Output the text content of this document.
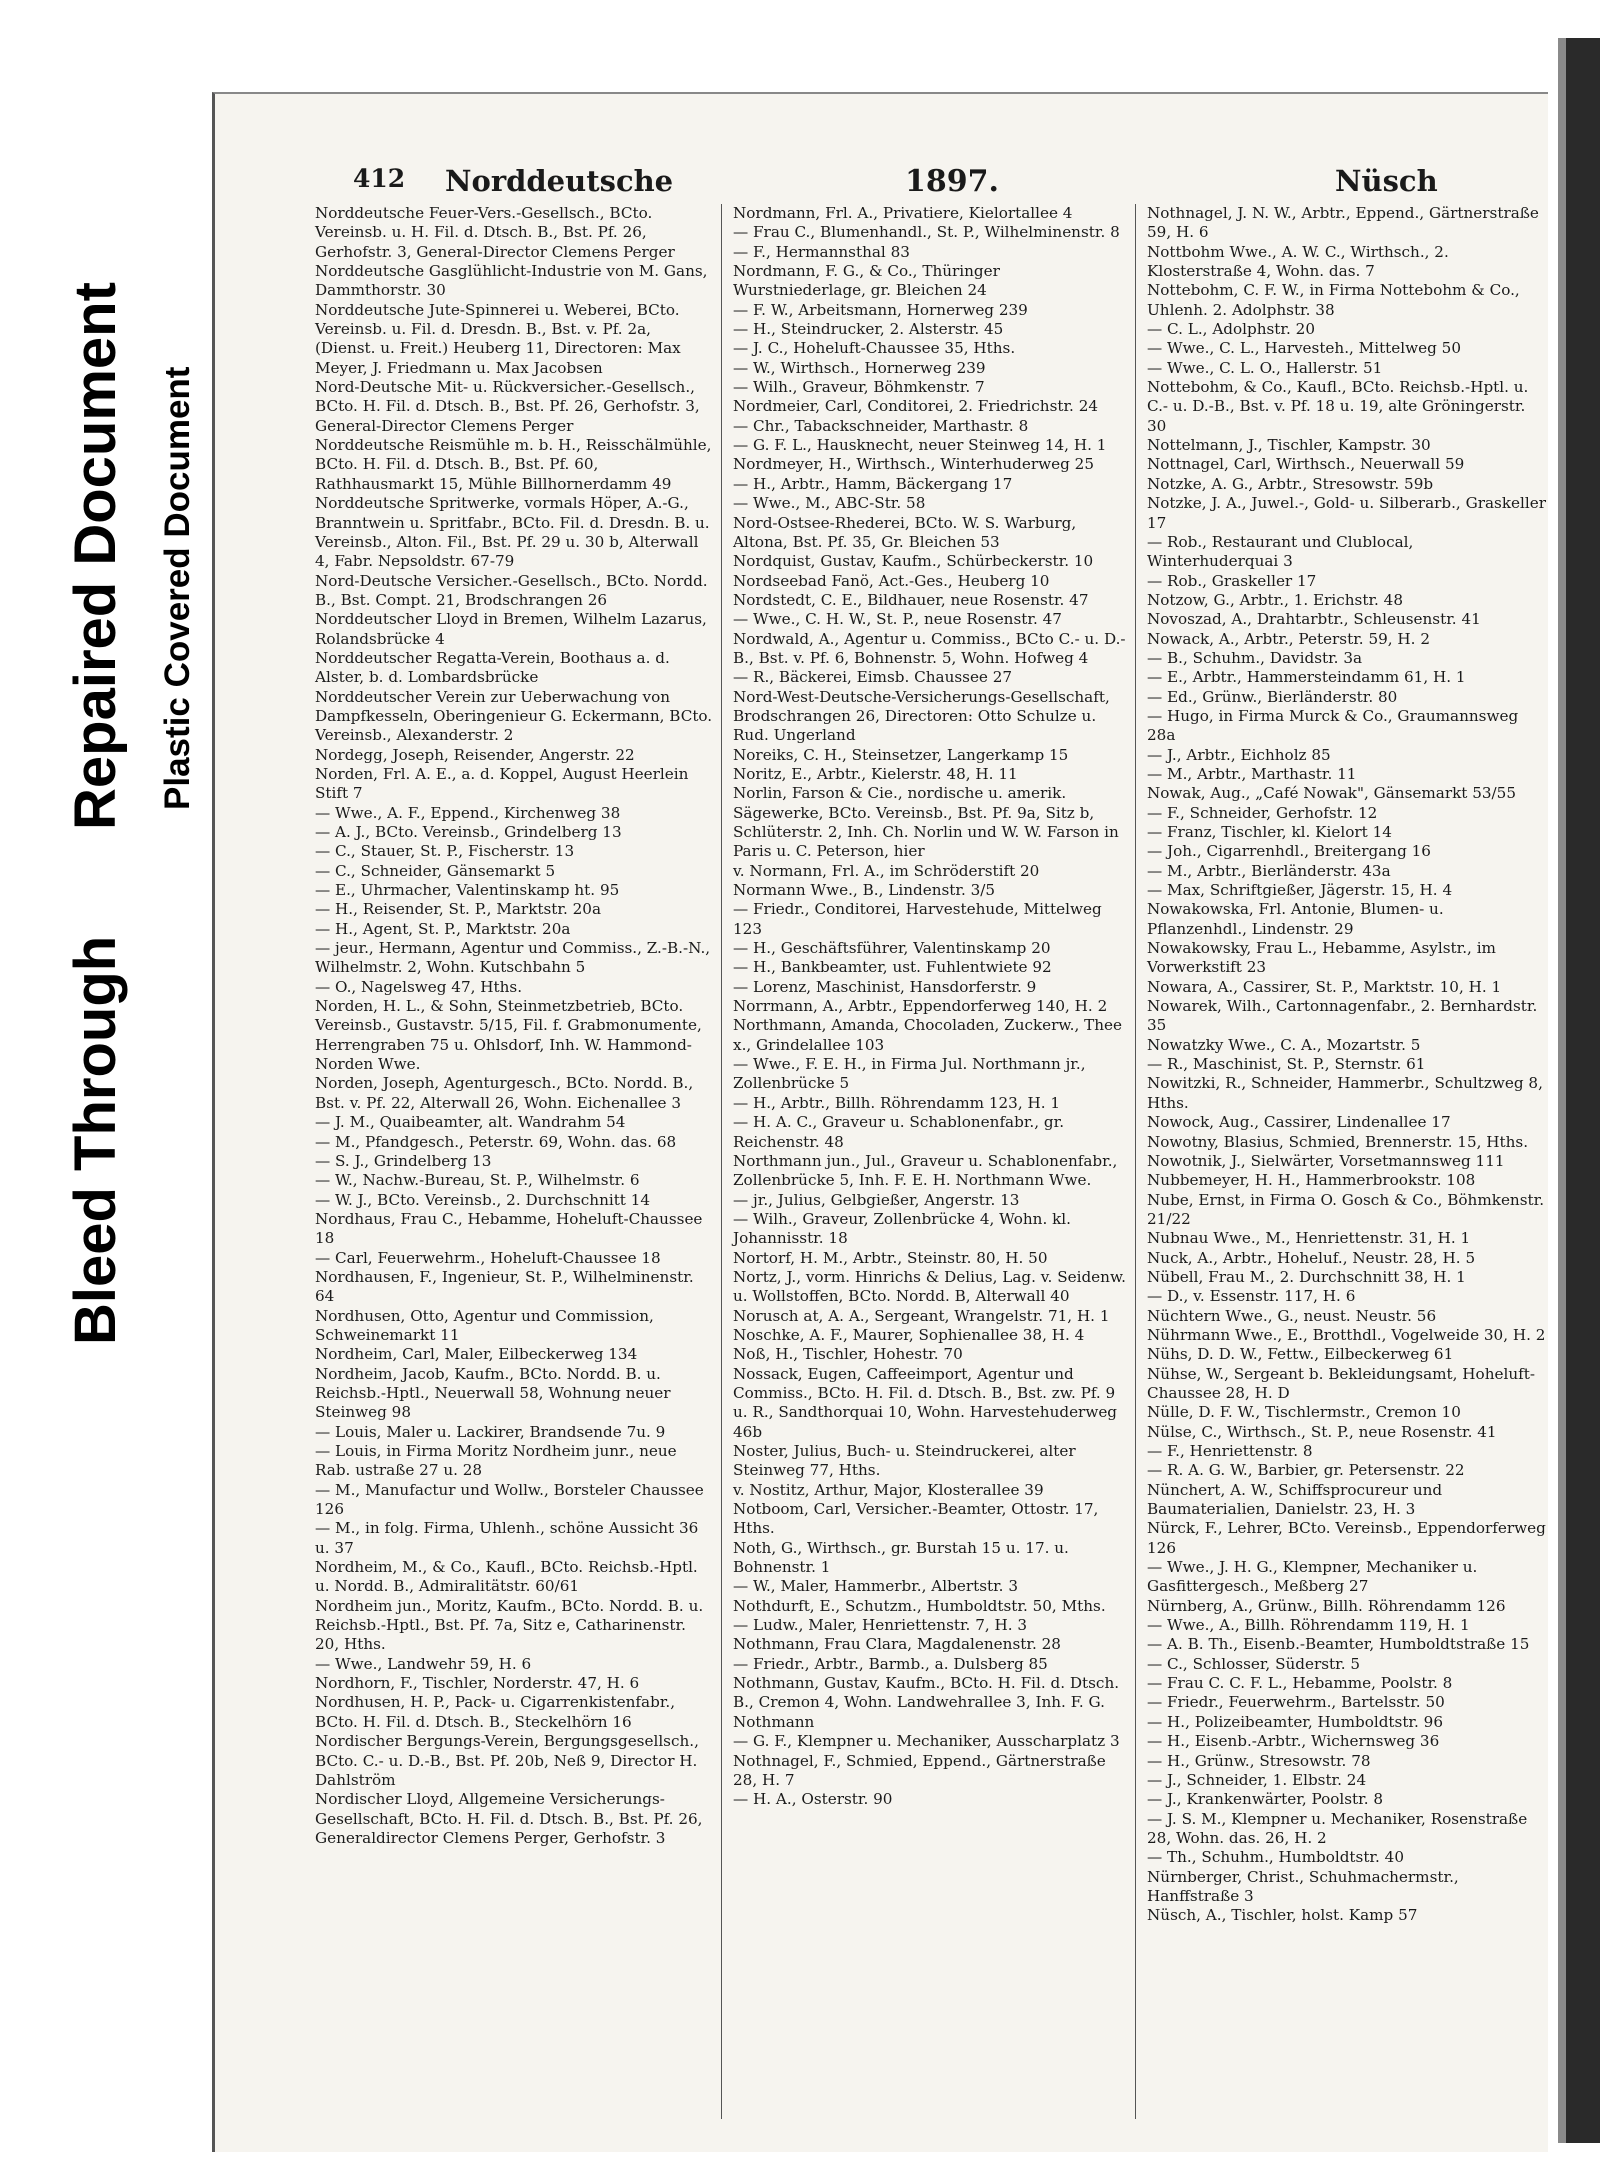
Bleed Through
Repaired Document Plastic Covered Document
412 Norddeutsche	1897.	Nüsch

Norddeutsche Feuer-Vers.-Gesellsch., BCto. Vereinsb. u. H. Fil. d. Dtsch. B., Bst. Pf. 26, Gerhofstr. 3, General-Director Clemens Perger

Norddeutsche Gasglühlicht-Industrie von M. Gans, Dammthorstr. 30

Norddeutsche Jute-Spinnerei u. Weberei, BCto. Vereinsb. u. Fil. d. Dresdn. B., Bst. v. Pf. 2a, (Dienst. u. Freit.) Heuberg 11, Directoren: Max Meyer, J. Friedmann u. Max Jacobsen

Nord-Deutsche Mit- u. Rückversicher.-Gesellsch., BCto. H. Fil. d. Dtsch. B., Bst. Pf. 26, Gerhofstr. 3, General-Director Clemens Perger

Norddeutsche Reismühle m. b. H., Reisschälmühle, BCto. H. Fil. d. Dtsch. B., Bst. Pf. 60, Rathhausmarkt 15, Mühle Billhornerdamm 49

Norddeutsche Spritwerke, vormals Höper, A.-G., Branntwein u. Spritfabr., BCto. Fil. d. Dresdn. B. u. Vereinsb., Alton. Fil., Bst. Pf. 29 u. 30 b, Alterwall 4, Fabr. Nepsoldstr. 67-79

Nord-Deutsche Versicher.-Gesellsch., BCto. Nordd. B., Bst. Compt. 21, Brodschrangen 26

Norddeutscher Lloyd in Bremen, Wilhelm Lazarus, Rolandsbrücke 4

Norddeutscher Regatta-Verein, Boothaus a. d. Alster, b. d. Lombardsbrücke

Norddeutscher Verein zur Ueberwachung von Dampfkesseln, Oberingenieur G. Eckermann, BCto. Vereinsb., Alexanderstr. 2

Nordegg, Joseph, Reisender, Angerstr. 22

Norden, Frl. A. E., a. d. Koppel, August Heerlein Stift 7

— Wwe., A. F., Eppend., Kirchenweg 38

— A. J., BCto. Vereinsb., Grindelberg 13

— C., Stauer, St. P., Fischerstr. 13

— C., Schneider, Gänsemarkt 5

— E., Uhrmacher, Valentinskamp ht. 95

— H., Reisender, St. P., Marktstr. 20a

— H., Agent, St. P., Marktstr. 20a

— jeur., Hermann, Agentur und Commiss., Z.-B.-N., Wilhelmstr. 2, Wohn. Kutschbahn 5

— O., Nagelsweg 47, Hths.

Norden, H. L., & Sohn, Steinmetzbetrieb, BCto. Vereinsb., Gustavstr. 5/15, Fil. f. Grabmonumente, Herrengraben 75 u. Ohlsdorf, Inh. W. Hammond-Norden Wwe.

Norden, Joseph, Agenturgesch., BCto. Nordd. B., Bst. v. Pf. 22, Alterwall 26, Wohn. Eichenallee 3

— J. M., Quaibeamter, alt. Wandrahm 54

— M., Pfandgesch., Peterstr. 69, Wohn. das. 68

— S. J., Grindelberg 13

— W., Nachw.-Bureau, St. P., Wilhelmstr. 6

— W. J., BCto. Vereinsb., 2. Durchschnitt 14

Nordhaus, Frau C., Hebamme, Hoheluft-Chaussee 18

— Carl, Feuerwehrm., Hoheluft-Chaussee 18

Nordhausen, F., Ingenieur, St. P., Wilhelminenstr. 64

Nordhusen, Otto, Agentur und Commission, Schweinemarkt 11

Nordheim, Carl, Maler, Eilbeckerweg 134

Nordheim, Jacob, Kaufm., BCto. Nordd. B. u. Reichsb.-Hptl., Neuerwall 58, Wohnung neuer Steinweg 98

— Louis, Maler u. Lackirer, Brandsende 7u. 9

— Louis, in Firma Moritz Nordheim junr., neue Rab. ustraße 27 u. 28

— M., Manufactur und Wollw., Borsteler Chaussee 126

— M., in folg. Firma, Uhlenh., schöne Aussicht 36 u. 37

Nordheim, M., & Co., Kaufl., BCto. Reichsb.-Hptl. u. Nordd. B., Admiralitätstr. 60/61

Nordheim jun., Moritz, Kaufm., BCto. Nordd. B. u. Reichsb.-Hptl., Bst. Pf. 7a, Sitz e, Catharinenstr. 20, Hths.

— Wwe., Landwehr 59, H. 6

Nordhorn, F., Tischler, Norderstr. 47, H. 6

Nordhusen, H. P., Pack- u. Cigarrenkistenfabr., BCto. H. Fil. d. Dtsch. B., Steckelhörn 16

Nordischer Bergungs-Verein, Bergungsgesellsch., BCto. C.- u. D.-B., Bst. Pf. 20b, Neß 9, Director H. Dahlström

Nordischer Lloyd, Allgemeine Versicherungs-Gesellschaft, BCto. H. Fil. d. Dtsch. B., Bst. Pf. 26, Generaldirector Clemens Perger, Gerhofstr. 3

Nordmann, Frl. A., Privatiere, Kielortallee 4

— Frau C., Blumenhandl., St. P., Wilhelminenstr. 8

— F., Hermannsthal 83

Nordmann, F. G., & Co., Thüringer Wurstniederlage, gr. Bleichen 24

— F. W., Arbeitsmann, Hornerweg 239

— H., Steindrucker, 2. Alsterstr. 45

— J. C., Hoheluft-Chaussee 35, Hths.

— W., Wirthsch., Hornerweg 239

— Wilh., Graveur, Böhmkenstr. 7

Nordmeier, Carl, Conditorei, 2. Friedrichstr. 24

— Chr., Tabackschneider, Marthastr. 8

— G. F. L., Hausknecht, neuer Steinweg 14, H. 1

Nordmeyer, H., Wirthsch., Winterhuderweg 25

— H., Arbtr., Hamm, Bäckergang 17

— Wwe., M., ABC-Str. 58

Nord-Ostsee-Rhederei, BCto. W. S. Warburg, Altona, Bst. Pf. 35, Gr. Bleichen 53

Nordquist, Gustav, Kaufm., Schürbeckerstr. 10

Nordseebad Fanö, Act.-Ges., Heuberg 10

Nordstedt, C. E., Bildhauer, neue Rosenstr. 47

— Wwe., C. H. W., St. P., neue Rosenstr. 47

Nordwald, A., Agentur u. Commiss., BCto C.- u. D.-B., Bst. v. Pf. 6, Bohnenstr. 5, Wohn. Hofweg 4

— R., Bäckerei, Eimsb. Chaussee 27

Nord-West-Deutsche-Versicherungs-Gesellschaft, Brodschrangen 26, Directoren: Otto Schulze u. Rud. Ungerland

Noreiks, C. H., Steinsetzer, Langerkamp 15

Noritz, E., Arbtr., Kielerstr. 48, H. 11

Norlin, Farson & Cie., nordische u. amerik. Sägewerke, BCto. Vereinsb., Bst. Pf. 9a, Sitz b, Schlüterstr. 2, Inh. Ch. Norlin und W. W. Farson in Paris u. C. Peterson, hier

v. Normann, Frl. A., im Schröderstift 20

Normann Wwe., B., Lindenstr. 3/5

— Friedr., Conditorei, Harvestehude, Mittelweg 123

— H., Geschäftsführer, Valentinskamp 20

— H., Bankbeamter, ust. Fuhlentwiete 92

— Lorenz, Maschinist, Hansdorferstr. 9

Norrmann, A., Arbtr., Eppendorferweg 140, H. 2

Northmann, Amanda, Chocoladen, Zuckerw., Thee x., Grindelallee 103

— Wwe., F. E. H., in Firma Jul. Northmann jr., Zollenbrücke 5

— H., Arbtr., Billh. Röhrendamm 123, H. 1

— H. A. C., Graveur u. Schablonenfabr., gr. Reichenstr. 48

Northmann jun., Jul., Graveur u. Schablonenfabr., Zollenbrücke 5, Inh. F. E. H. Northmann Wwe.

— jr., Julius, Gelbgießer, Angerstr. 13

— Wilh., Graveur, Zollenbrücke 4, Wohn. kl. Johannisstr. 18

Nortorf, H. M., Arbtr., Steinstr. 80, H. 50

Nortz, J., vorm. Hinrichs & Delius, Lag. v. Seidenw. u. Wollstoffen, BCto. Nordd. B, Alterwall 40

Norusch at, A. A., Sergeant, Wrangelstr. 71, H. 1

Noschke, A. F., Maurer, Sophienallee 38, H. 4

Noß, H., Tischler, Hohestr. 70

Nossack, Eugen, Caffeeimport, Agentur und Commiss., BCto. H. Fil. d. Dtsch. B., Bst. zw. Pf. 9 u. R., Sandthorquai 10, Wohn. Harvestehuderweg 46b

Noster, Julius, Buch- u. Steindruckerei, alter Steinweg 77, Hths.

v. Nostitz, Arthur, Major, Klosterallee 39

Notboom, Carl, Versicher.-Beamter, Ottostr. 17, Hths.

Noth, G., Wirthsch., gr. Burstah 15 u. 17. u. Bohnenstr. 1

— W., Maler, Hammerbr., Albertstr. 3

Nothdurft, E., Schutzm., Humboldtstr. 50, Mths.

— Ludw., Maler, Henriettenstr. 7, H. 3

Nothmann, Frau Clara, Magdalenenstr. 28

— Friedr., Arbtr., Barmb., a. Dulsberg 85

Nothmann, Gustav, Kaufm., BCto. H. Fil. d. Dtsch. B., Cremon 4, Wohn. Landwehrallee 3, Inh. F. G. Nothmann

— G. F., Klempner u. Mechaniker, Ausscharplatz 3

Nothnagel, F., Schmied, Eppend., Gärtnerstraße 28, H. 7

— H. A., Osterstr. 90

Nothnagel, J. N. W., Arbtr., Eppend., Gärtnerstraße 59, H. 6

Nottbohm Wwe., A. W. C., Wirthsch., 2. Klosterstraße 4, Wohn. das. 7

Nottebohm, C. F. W., in Firma Nottebohm & Co., Uhlenh. 2. Adolphstr. 38

— C. L., Adolphstr. 20

— Wwe., C. L., Harvesteh., Mittelweg 50

— Wwe., C. L. O., Hallerstr. 51

Nottebohm, & Co., Kaufl., BCto. Reichsb.-Hptl. u. C.- u. D.-B., Bst. v. Pf. 18 u. 19, alte Gröningerstr. 30

Nottelmann, J., Tischler, Kampstr. 30

Nottnagel, Carl, Wirthsch., Neuerwall 59

Notzke, A. G., Arbtr., Stresowstr. 59b

Notzke, J. A., Juwel.-, Gold- u. Silberarb., Graskeller 17

— Rob., Restaurant und Clublocal, Winterhuderquai 3

— Rob., Graskeller 17

Notzow, G., Arbtr., 1. Erichstr. 48

Novoszad, A., Drahtarbtr., Schleusenstr. 41

Nowack, A., Arbtr., Peterstr. 59, H. 2

— B., Schuhm., Davidstr. 3a

— E., Arbtr., Hammersteindamm 61, H. 1

— Ed., Grünw., Bierländerstr. 80

— Hugo, in Firma Murck & Co., Graumannsweg 28a

— J., Arbtr., Eichholz 85

— M., Arbtr., Marthastr. 11

Nowak, Aug., „Café Nowak", Gänsemarkt 53/55

— F., Schneider, Gerhofstr. 12

— Franz, Tischler, kl. Kielort 14

— Joh., Cigarrenhdl., Breitergang 16

— M., Arbtr., Bierländerstr. 43a

— Max, Schriftgießer, Jägerstr. 15, H. 4

Nowakowska, Frl. Antonie, Blumen- u. Pflanzenhdl., Lindenstr. 29

Nowakowsky, Frau L., Hebamme, Asylstr., im Vorwerkstift 23

Nowara, A., Cassirer, St. P., Marktstr. 10, H. 1

Nowarek, Wilh., Cartonnagenfabr., 2. Bernhardstr. 35

Nowatzky Wwe., C. A., Mozartstr. 5

— R., Maschinist, St. P., Sternstr. 61

Nowitzki, R., Schneider, Hammerbr., Schultzweg 8, Hths.

Nowock, Aug., Cassirer, Lindenallee 17

Nowotny, Blasius, Schmied, Brennerstr. 15, Hths.

Nowotnik, J., Sielwärter, Vorsetmannsweg 111

Nubbemeyer, H. H., Hammerbrookstr. 108

Nube, Ernst, in Firma O. Gosch & Co., Böhmkenstr. 21/22

Nubnau Wwe., M., Henriettenstr. 31, H. 1

Nuck, A., Arbtr., Hoheluf., Neustr. 28, H. 5

Nübell, Frau M., 2. Durchschnitt 38, H. 1

— D., v. Essenstr. 117, H. 6

Nüchtern Wwe., G., neust. Neustr. 56

Nührmann Wwe., E., Brotthdl., Vogelweide 30, H. 2

Nühs, D. D. W., Fettw., Eilbeckerweg 61

Nühse, W., Sergeant b. Bekleidungsamt, Hoheluft-Chaussee 28, H. D

Nülle, D. F. W., Tischlermstr., Cremon 10

Nülse, C., Wirthsch., St. P., neue Rosenstr. 41

— F., Henriettenstr. 8

— R. A. G. W., Barbier, gr. Petersenstr. 22

Nünchert, A. W., Schiffsprocureur und Baumaterialien, Danielstr. 23, H. 3

Nürck, F., Lehrer, BCto. Vereinsb., Eppendorferweg 126

— Wwe., J. H. G., Klempner, Mechaniker u. Gasfittergesch., Meßberg 27

Nürnberg, A., Grünw., Billh. Röhrendamm 126

— Wwe., A., Billh. Röhrendamm 119, H. 1

— A. B. Th., Eisenb.-Beamter, Humboldtstraße 15

— C., Schlosser, Süderstr. 5

— Frau C. C. F. L., Hebamme, Poolstr. 8

— Friedr., Feuerwehrm., Bartelsstr. 50

— H., Polizeibeamter, Humboldtstr. 96

— H., Eisenb.-Arbtr., Wichernsweg 36

— H., Grünw., Stresowstr. 78

— J., Schneider, 1. Elbstr. 24

— J., Krankenwärter, Poolstr. 8

— J. S. M., Klempner u. Mechaniker, Rosenstraße 28, Wohn. das. 26, H. 2

— Th., Schuhm., Humboldtstr. 40

Nürnberger, Christ., Schuhmachermstr., Hanffstraße 3

Nüsch, A., Tischler, holst. Kamp 57
